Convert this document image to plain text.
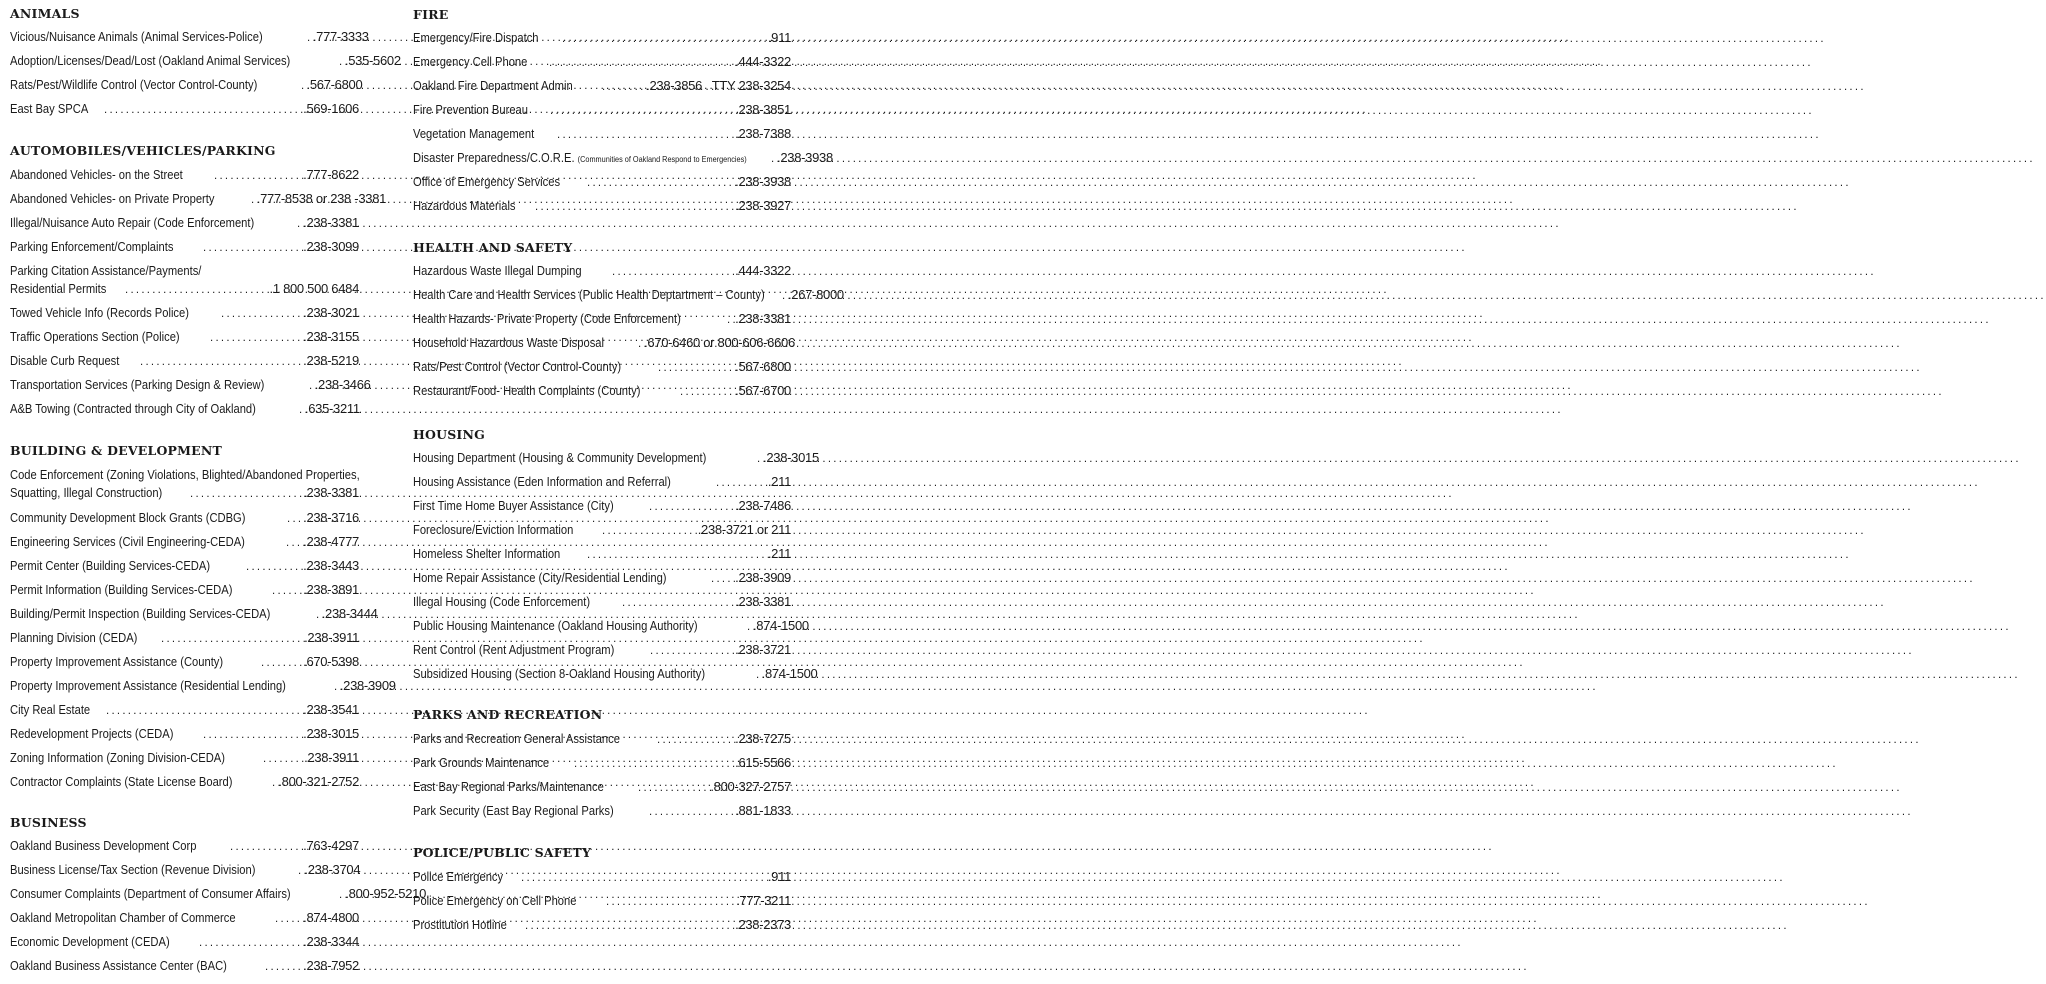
ANIMALS
Vicious/Nuisance Animals (Animal Services-Police) .....	.777-3333
Adoption/Licenses/Dead/Lost (Oakland Animal Services) .....	.535-5602
Rats/Pest/Wildlife Control (Vector Control-County) .....	.567-6800
East Bay SPCA .....	.569-1606
AUTOMOBILES/VEHICLES/PARKING
Abandoned Vehicles- on the Street .....	.777-8622
Abandoned Vehicles- on Private Property .....	.777-8538 or 238 -3381
Illegal/Nuisance Auto Repair (Code Enforcement) .....	.238-3381
Parking Enforcement/Complaints .....	.238-3099
Parking Citation Assistance/Payments/
Residential Permits .....	.1 800 500 6484
Towed Vehicle Info (Records Police) .....	.238-3021
Traffic Operations Section (Police) .....	.238-3155
Disable Curb Request .....	.238-5219
Transportation Services (Parking Design & Review) .....	.238-3466
A&B Towing (Contracted through City of Oakland) .....	.635-3211
BUILDING & DEVELOPMENT
Code Enforcement (Zoning Violations, Blighted/Abandoned Properties,
Squatting, Illegal Construction) .....	.238-3381
Community Development Block Grants (CDBG) .....	.238-3716
Engineering Services (Civil Engineering-CEDA) .....	.238-4777
Permit Center (Building Services-CEDA) .....	.238-3443
Permit Information (Building Services-CEDA) .....	.238-3891
Building/Permit Inspection (Building Services-CEDA) .....	.238-3444
Planning Division (CEDA) .....	.238-3911
Property Improvement Assistance (County) .....	.670-5398
Property Improvement Assistance (Residential Lending) .....	.238-3909
City Real Estate .....	.238-3541
Redevelopment Projects (CEDA) .....	.238-3015
Zoning Information (Zoning Division-CEDA) .....	.238-3911
Contractor Complaints (State License Board) .....	.800-321-2752
BUSINESS
Oakland Business Development Corp .....	.763-4297
Business License/Tax Section (Revenue Division) .....	.238-3704
Consumer Complaints (Department of Consumer Affairs) .....	.800-952-5210
Oakland Metropolitan Chamber of Commerce .....	.874-4800
Economic Development (CEDA) .....	.238-3344
Oakland Business Assistance Center (BAC) .....	.238-7952
FIRE
Emergency/Fire Dispatch .....	.911
Emergency Cell Phone .....	.444-3322
Oakland Fire Department Admin .....	.238-3856   TTY 238-3254
Fire Prevention Bureau .....	.238-3851
Vegetation Management .....	.238-7388
Disaster Preparedness/C.O.R.E. (Communities of Oakland Respond to Emergencies) ..... .238-3938
Office of Emergency Services .....	.238-3938
Hazardous Materials .....	.238-3927
HEALTH AND SAFETY
Hazardous Waste Illegal Dumping .....	.444-3322
Health Care and Health Services (Public Health Deptartment – County) ..... .267-8000
Health Hazards- Private Property (Code Enforcement) .....	.238-3381
Household Hazardous Waste Disposal .....	.670-6460 or 800-606-6606
Rats/Pest Control (Vector Control-County) .....	.567-6800
Restaurant/Food- Health Complaints (County) .....	.567-6700
HOUSING
Housing Department (Housing & Community Development) .....	.238-3015
Housing Assistance (Eden Information and Referral) .....	.211
First Time Home Buyer Assistance (City) .....	.238-7486
Foreclosure/Eviction Information .....	.238-3721 or 211
Homeless Shelter Information .....	.211
Home Repair Assistance (City/Residential Lending) .....	.238-3909
Illegal Housing (Code Enforcement) .....	.238-3381
Public Housing Maintenance (Oakland Housing Authority) .....	.874-1500
Rent Control (Rent Adjustment Program) .....	.238-3721
Subsidized Housing (Section 8-Oakland Housing Authority) .....	.874-1500
PARKS AND RECREATION
Parks and Recreation General Assistance .....	.238-7275
Park Grounds Maintenance .....	.615-5566
East Bay Regional Parks/Maintenance .....	.800-327-2757
Park Security (East Bay Regional Parks) .....	.881-1833
POLICE/PUBLIC SAFETY
Police Emergency .....	.911
Police Emergency on Cell Phone .....	.777-3211
Prostitution Hotline .....	.238-2373
